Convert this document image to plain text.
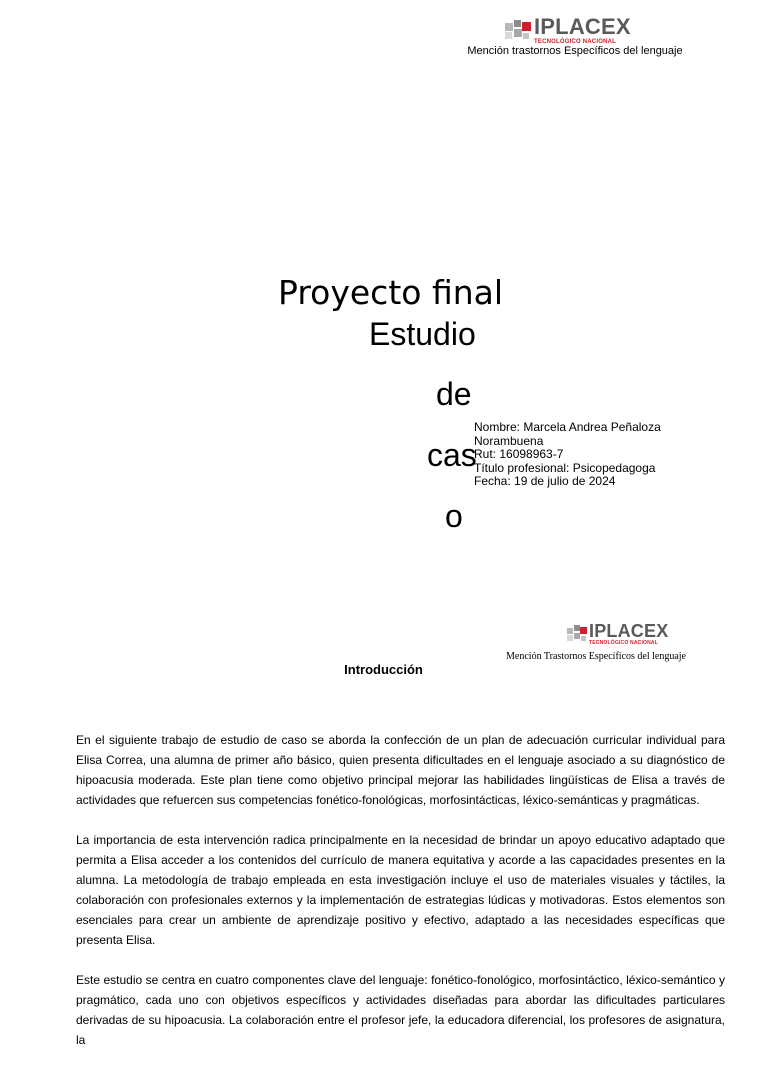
IPLACEX
TECNOLÓGICO NACIONAL
Mención trastornos Específicos del lenguaje
Proyecto final
Estudio
de
cas
o
Nombre: Marcela Andrea Peñaloza
Norambuena
Rut: 16098963-7
Título profesional: Psicopedagoga
Fecha: 19 de julio de 2024
IPLACEX
TECNOLÓGICO NACIONAL
Mención Trastornos Específicos del lenguaje
Introducción

En el siguiente trabajo de estudio de caso se aborda la confección de un plan de adecuación curricular individual para Elisa Correa, una alumna de primer año básico, quien presenta dificultades en el lenguaje asociado a su diagnóstico de hipoacusia moderada. Este plan tiene como objetivo principal mejorar las habilidades lingüísticas de Elisa a través de actividades que refuercen sus competencias fonético-fonológicas, morfosintácticas, léxico-semánticas y pragmáticas.

La importancia de esta intervención radica principalmente en la necesidad de brindar un apoyo educativo adaptado que permita a Elisa acceder a los contenidos del currículo de manera equitativa y acorde a las capacidades presentes en la alumna. La metodología de trabajo empleada en esta investigación incluye el uso de materiales visuales y táctiles, la colaboración con profesionales externos y la implementación de estrategias lúdicas y motivadoras. Estos elementos son esenciales para crear un ambiente de aprendizaje positivo y efectivo, adaptado a las necesidades específicas que presenta Elisa.

Este estudio se centra en cuatro componentes clave del lenguaje: fonético-fonológico, morfosintáctico, léxico-semántico y pragmático, cada uno con objetivos específicos y actividades diseñadas para abordar las dificultades particulares derivadas de su hipoacusia. La colaboración entre el profesor jefe, la educadora diferencial, los profesores de asignatura, la
